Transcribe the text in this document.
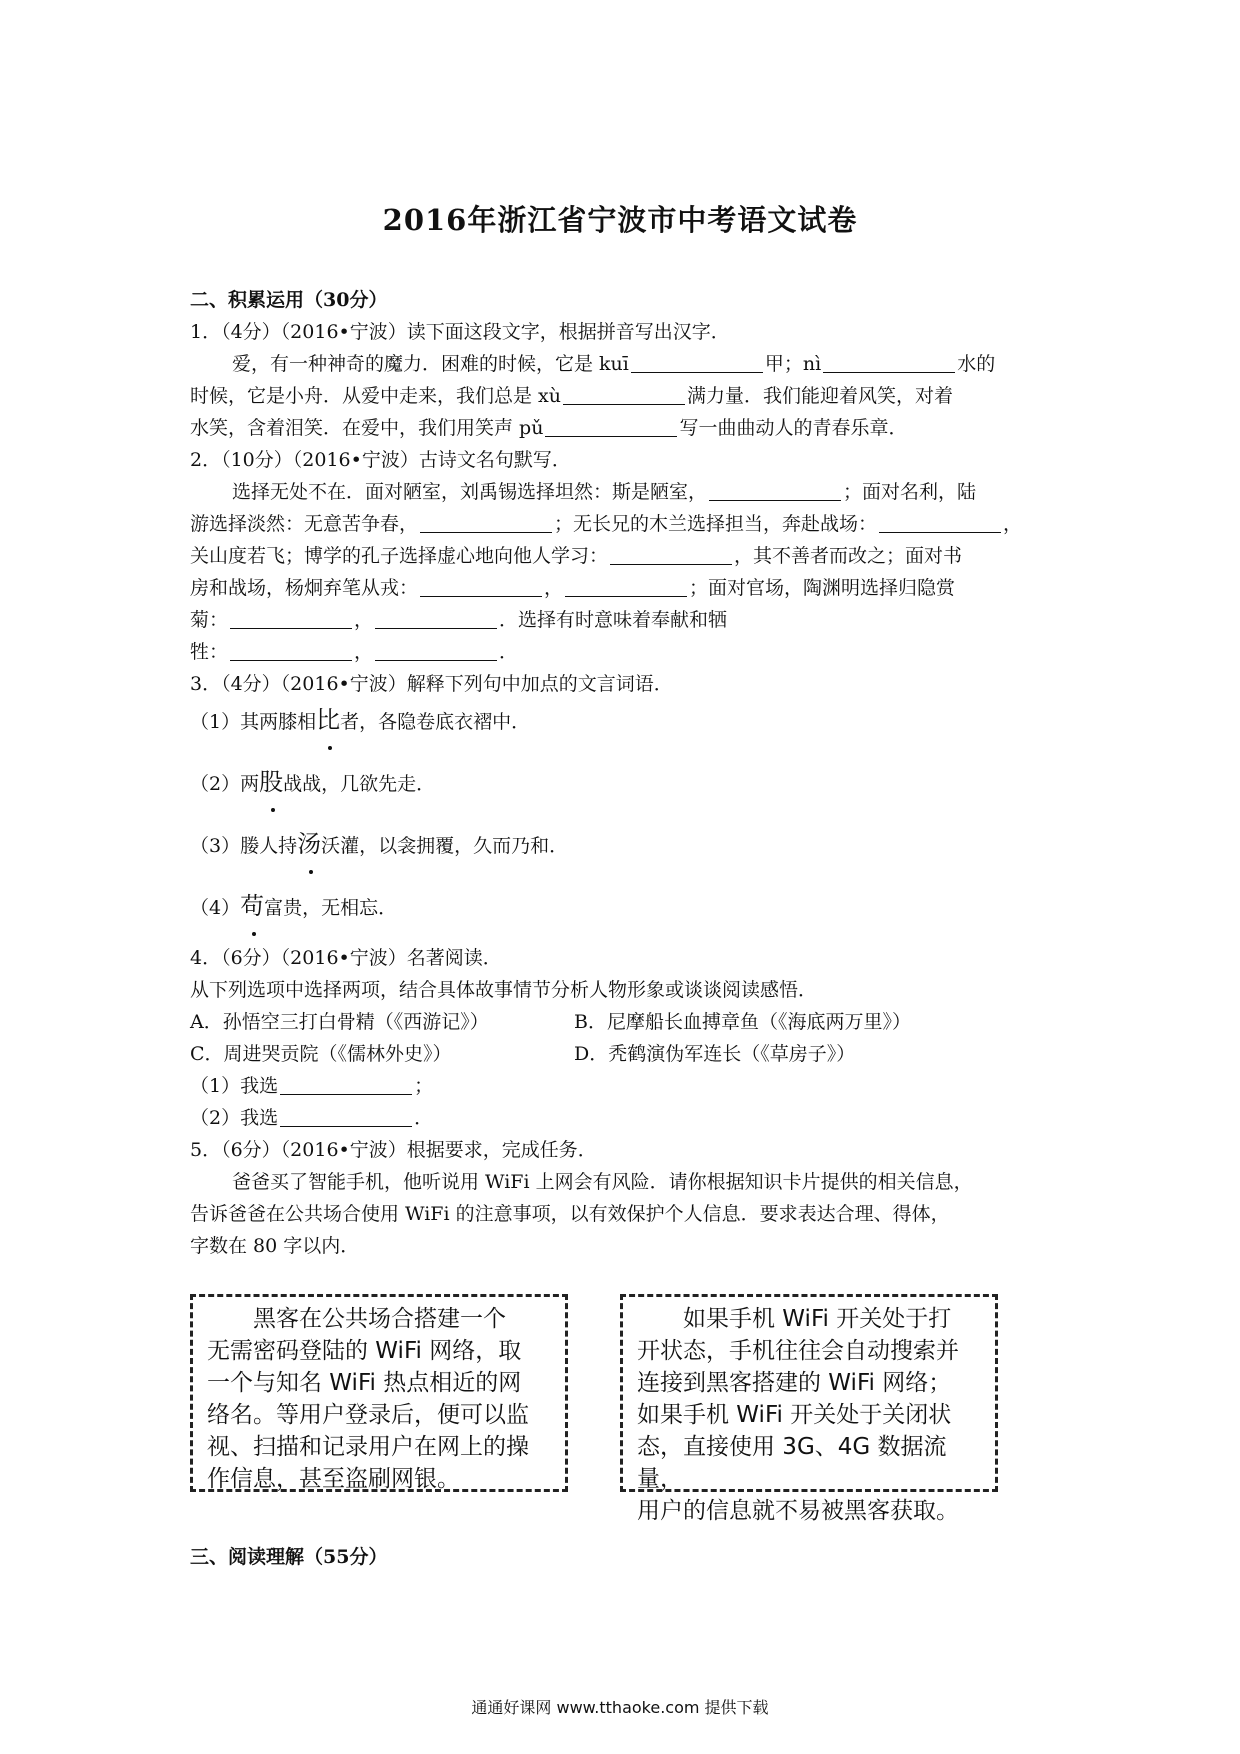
2016年浙江省宁波市中考语文试卷
二、积累运用（30分）
1．（4分）（2016•宁波）读下面这段文字，根据拼音写出汉字．
爱，有一种神奇的魔力．困难的时候，它是 kuī	甲；nì	水的
时候，它是小舟．从爱中走来，我们总是 xù	满力量．我们能迎着风笑，对着
水笑，含着泪笑．在爱中，我们用笑声 pǔ	写一曲曲动人的青春乐章．
2．（10分）（2016•宁波）古诗文名句默写．
选择无处不在．面对陋室，刘禹锡选择坦然：斯是陋室，	；面对名利，陆
游选择淡然：无意苦争春，	；无长兄的木兰选择担当，奔赴战场：	，
关山度若飞；博学的孔子选择虚心地向他人学习：	，其不善者而改之；面对书
房和战场，杨炯弃笔从戎：	，	；面对官场，陶渊明选择归隐赏
菊：	，	．选择有时意味着奉献和牺
牲：	，	．
3．（4分）（2016•宁波）解释下列句中加点的文言词语．
（1）其两膝相比者，各隐卷底衣褶中．
（2）两股战战，几欲先走．
（3）媵人持汤沃灌，以衾拥覆，久而乃和．
（4）苟富贵，无相忘．
4．（6分）（2016•宁波）名著阅读．
从下列选项中选择两项，结合具体故事情节分析人物形象或谈谈阅读感悟．
A．孙悟空三打白骨精（《西游记》）	B．尼摩船长血搏章鱼（《海底两万里》）
C．周进哭贡院（《儒林外史》）	D．秃鹤演伪军连长（《草房子》）
（1）我选	；
（2）我选	．
5．（6分）（2016•宁波）根据要求，完成任务．
爸爸买了智能手机，他听说用 WiFi 上网会有风险．请你根据知识卡片提供的相关信息，
告诉爸爸在公共场合使用 WiFi 的注意事项，以有效保护个人信息．要求表达合理、得体，
字数在 80 字以内．
黑客在公共场合搭建一个
无需密码登陆的 WiFi 网络，取
一个与知名 WiFi 热点相近的网
络名。等用户登录后，便可以监
视、扫描和记录用户在网上的操
作信息，甚至盗刷网银。
如果手机 WiFi 开关处于打
开状态，手机往往会自动搜索并
连接到黑客搭建的 WiFi 网络；
如果手机 WiFi 开关处于关闭状
态，直接使用 3G、4G 数据流量，
用户的信息就不易被黑客获取。
三、阅读理解（55分）
通通好课网 www.tthaoke.com 提供下载
